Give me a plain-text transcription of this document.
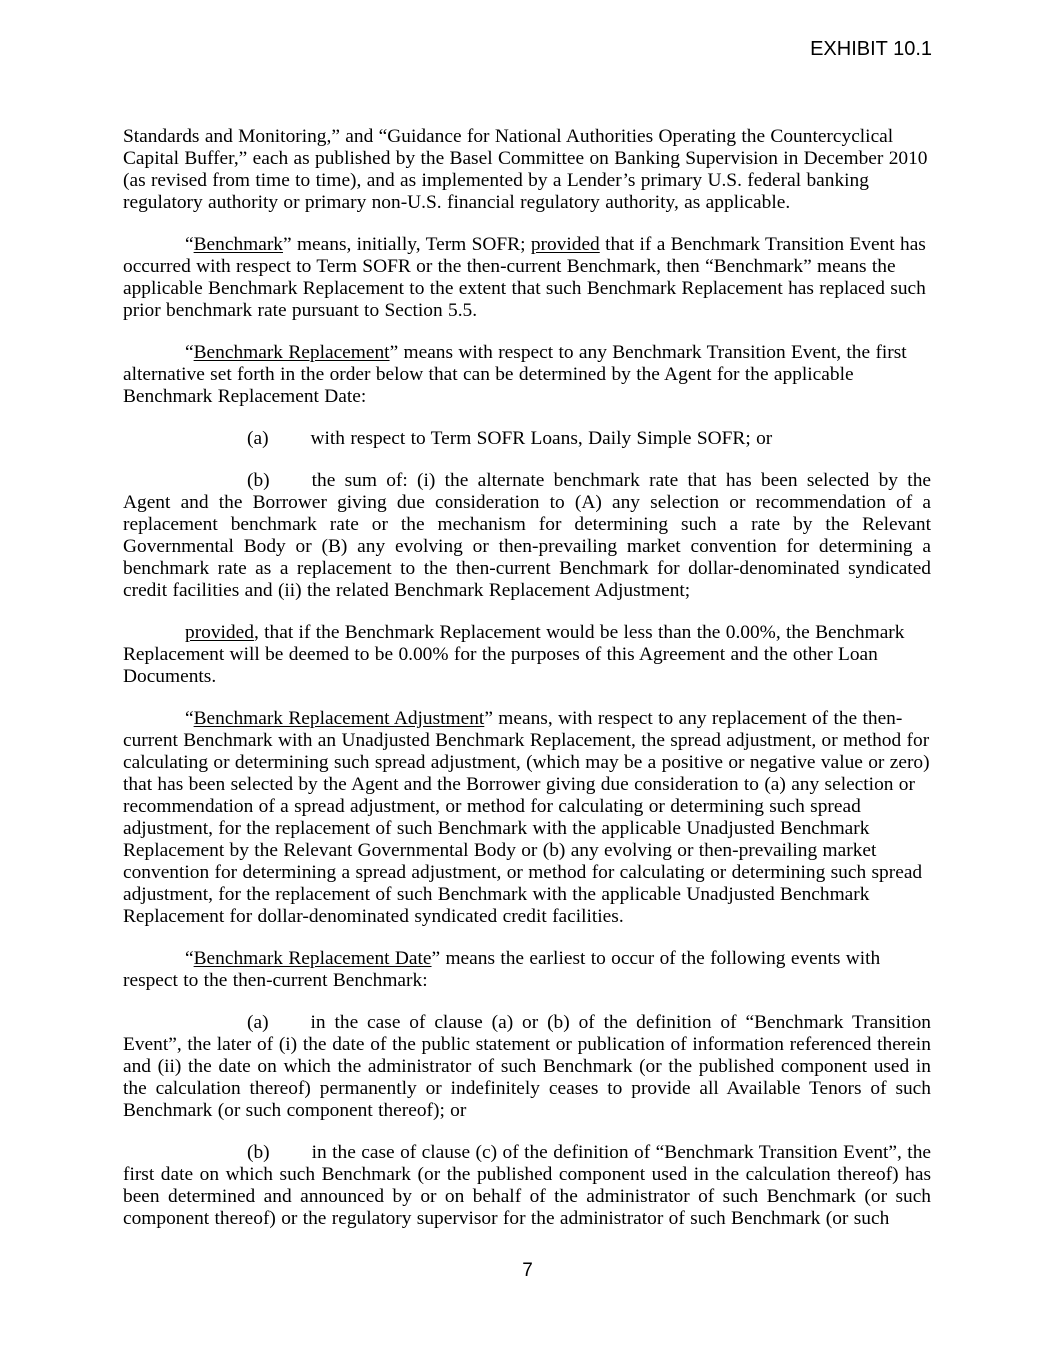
EXHIBIT 10.1

Standards and Monitoring,” and “Guidance for National Authorities Operating the Countercyclical Capital Buffer,” each as published by the Basel Committee on Banking Supervision in December 2010 (as revised from time to time), and as implemented by a Lender’s primary U.S. federal banking regulatory authority or primary non-U.S. financial regulatory authority, as applicable.

“Benchmark” means, initially, Term SOFR; provided that if a Benchmark Transition Event has occurred with respect to Term SOFR or the then-current Benchmark, then “Benchmark” means the applicable Benchmark Replacement to the extent that such Benchmark Replacement has replaced such prior benchmark rate pursuant to Section 5.5.

“Benchmark Replacement” means with respect to any Benchmark Transition Event, the first alternative set forth in the order below that can be determined by the Agent for the applicable Benchmark Replacement Date:

(a) with respect to Term SOFR Loans, Daily Simple SOFR; or

(b) the sum of: (i) the alternate benchmark rate that has been selected by the Agent and the Borrower giving due consideration to (A) any selection or recommendation of a replacement benchmark rate or the mechanism for determining such a rate by the Relevant Governmental Body or (B) any evolving or then-prevailing market convention for determining a benchmark rate as a replacement to the then-current Benchmark for dollar-denominated syndicated credit facilities and (ii) the related Benchmark Replacement Adjustment;

provided, that if the Benchmark Replacement would be less than the 0.00%, the Benchmark Replacement will be deemed to be 0.00% for the purposes of this Agreement and the other Loan Documents.

“Benchmark Replacement Adjustment” means, with respect to any replacement of the then-current Benchmark with an Unadjusted Benchmark Replacement, the spread adjustment, or method for calculating or determining such spread adjustment, (which may be a positive or negative value or zero) that has been selected by the Agent and the Borrower giving due consideration to (a) any selection or recommendation of a spread adjustment, or method for calculating or determining such spread adjustment, for the replacement of such Benchmark with the applicable Unadjusted Benchmark Replacement by the Relevant Governmental Body or (b) any evolving or then-prevailing market convention for determining a spread adjustment, or method for calculating or determining such spread adjustment, for the replacement of such Benchmark with the applicable Unadjusted Benchmark Replacement for dollar-denominated syndicated credit facilities.

“Benchmark Replacement Date” means the earliest to occur of the following events with respect to the then-current Benchmark:

(a) in the case of clause (a) or (b) of the definition of “Benchmark Transition Event”, the later of (i) the date of the public statement or publication of information referenced therein and (ii) the date on which the administrator of such Benchmark (or the published component used in the calculation thereof) permanently or indefinitely ceases to provide all Available Tenors of such Benchmark (or such component thereof); or

(b) in the case of clause (c) of the definition of “Benchmark Transition Event”, the first date on which such Benchmark (or the published component used in the calculation thereof) has been determined and announced by or on behalf of the administrator of such Benchmark (or such component thereof) or the regulatory supervisor for the administrator of such Benchmark (or such

7
